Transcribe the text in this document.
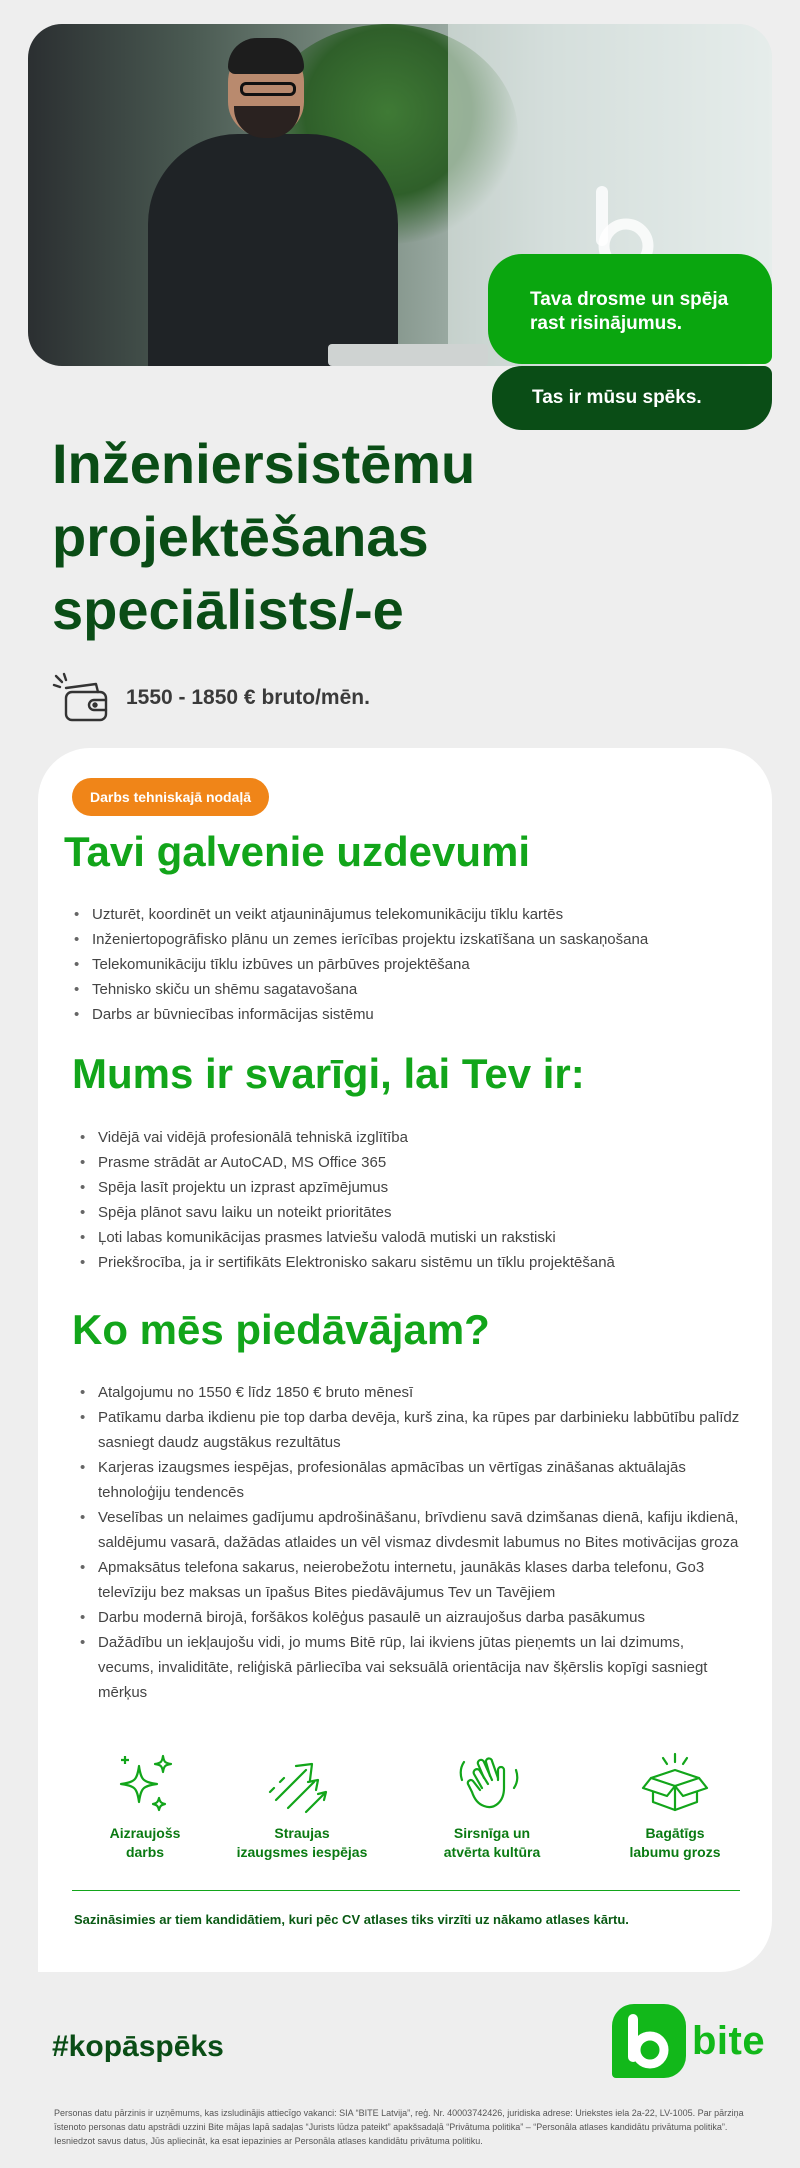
Tava drosme un spēja rast risinājumus.
Tas ir mūsu spēks.
Inženiersistēmu projektēšanas speciālists/-e
1550 - 1850 € bruto/mēn.
Darbs tehniskajā nodaļā
Tavi galvenie uzdevumi
• Uzturēt, koordinēt un veikt atjauninājumus telekomunikāciju tīklu kartēs
• Inženiertopogrāfisko plānu un zemes ierīcības projektu izskatīšana un saskaņošana
• Telekomunikāciju tīklu izbūves un pārbūves projektēšana
• Tehnisko skiču un shēmu sagatavošana
• Darbs ar būvniecības informācijas sistēmu
Mums ir svarīgi, lai Tev ir:
• Vidējā vai vidējā profesionālā tehniskā izglītība
• Prasme strādāt ar AutoCAD, MS Office 365
• Spēja lasīt projektu un izprast apzīmējumus
• Spēja plānot savu laiku un noteikt prioritātes
• Ļoti labas komunikācijas prasmes latviešu valodā mutiski un rakstiski
• Priekšrocība, ja ir sertifikāts Elektronisko sakaru sistēmu un tīklu projektēšanā
Ko mēs piedāvājam?
• Atalgojumu no 1550 € līdz 1850 € bruto mēnesī
• Patīkamu darba ikdienu pie top darba devēja, kurš zina, ka rūpes par darbinieku labbūtību palīdz sasniegt daudz augstākus rezultātus
• Karjeras izaugsmes iespējas, profesionālas apmācības un vērtīgas zināšanas aktuālajās tehnoloģiju tendencēs
• Veselības un nelaimes gadījumu apdrošināšanu, brīvdienu savā dzimšanas dienā, kafiju ikdienā, saldējumu vasarā, dažādas atlaides un vēl vismaz divdesmit labumus no Bites motivācijas groza
• Apmaksātus telefona sakarus, neierobežotu internetu, jaunākās klases darba telefonu, Go3 televīziju bez maksas un īpašus Bites piedāvājumus Tev un Tavējiem
• Darbu modernā birojā, foršākos kolēģus pasaulē un aizraujošus darba pasākumus
• Dažādību un iekļaujošu vidi, jo mums Bitē rūp, lai ikviens jūtas pieņemts un lai dzimums, vecums, invaliditāte, reliģiskā pārliecība vai seksuālā orientācija nav šķērslis kopīgi sasniegt mērķus
Aizraujošs
darbs
Straujas
izaugsmes iespējas
Sirsnīga un
atvērta kultūra
Bagātīgs
labumu grozs

Sazināsimies ar tiem kandidātiem, kuri pēc CV atlases tiks virzīti uz nākamo atlases kārtu.

#kopāspēks	bite

Personas datu pārzinis ir uzņēmums, kas izsludinājis attiecīgo vakanci: SIA “BITE Latvija”, reģ. Nr. 40003742426, juridiska adrese: Uriekstes iela 2a-22, LV-1005. Par pārziņa īstenoto personas datu apstrādi uzzini Bite mājas lapā sadaļas “Jurists lūdza pateikt” apakšsadaļā “Privātuma politika” – “Personāla atlases kandidātu privātuma politika”. Iesniedzot savus datus, Jūs apliecināt, ka esat iepazinies ar Personāla atlases kandidātu privātuma politiku.
